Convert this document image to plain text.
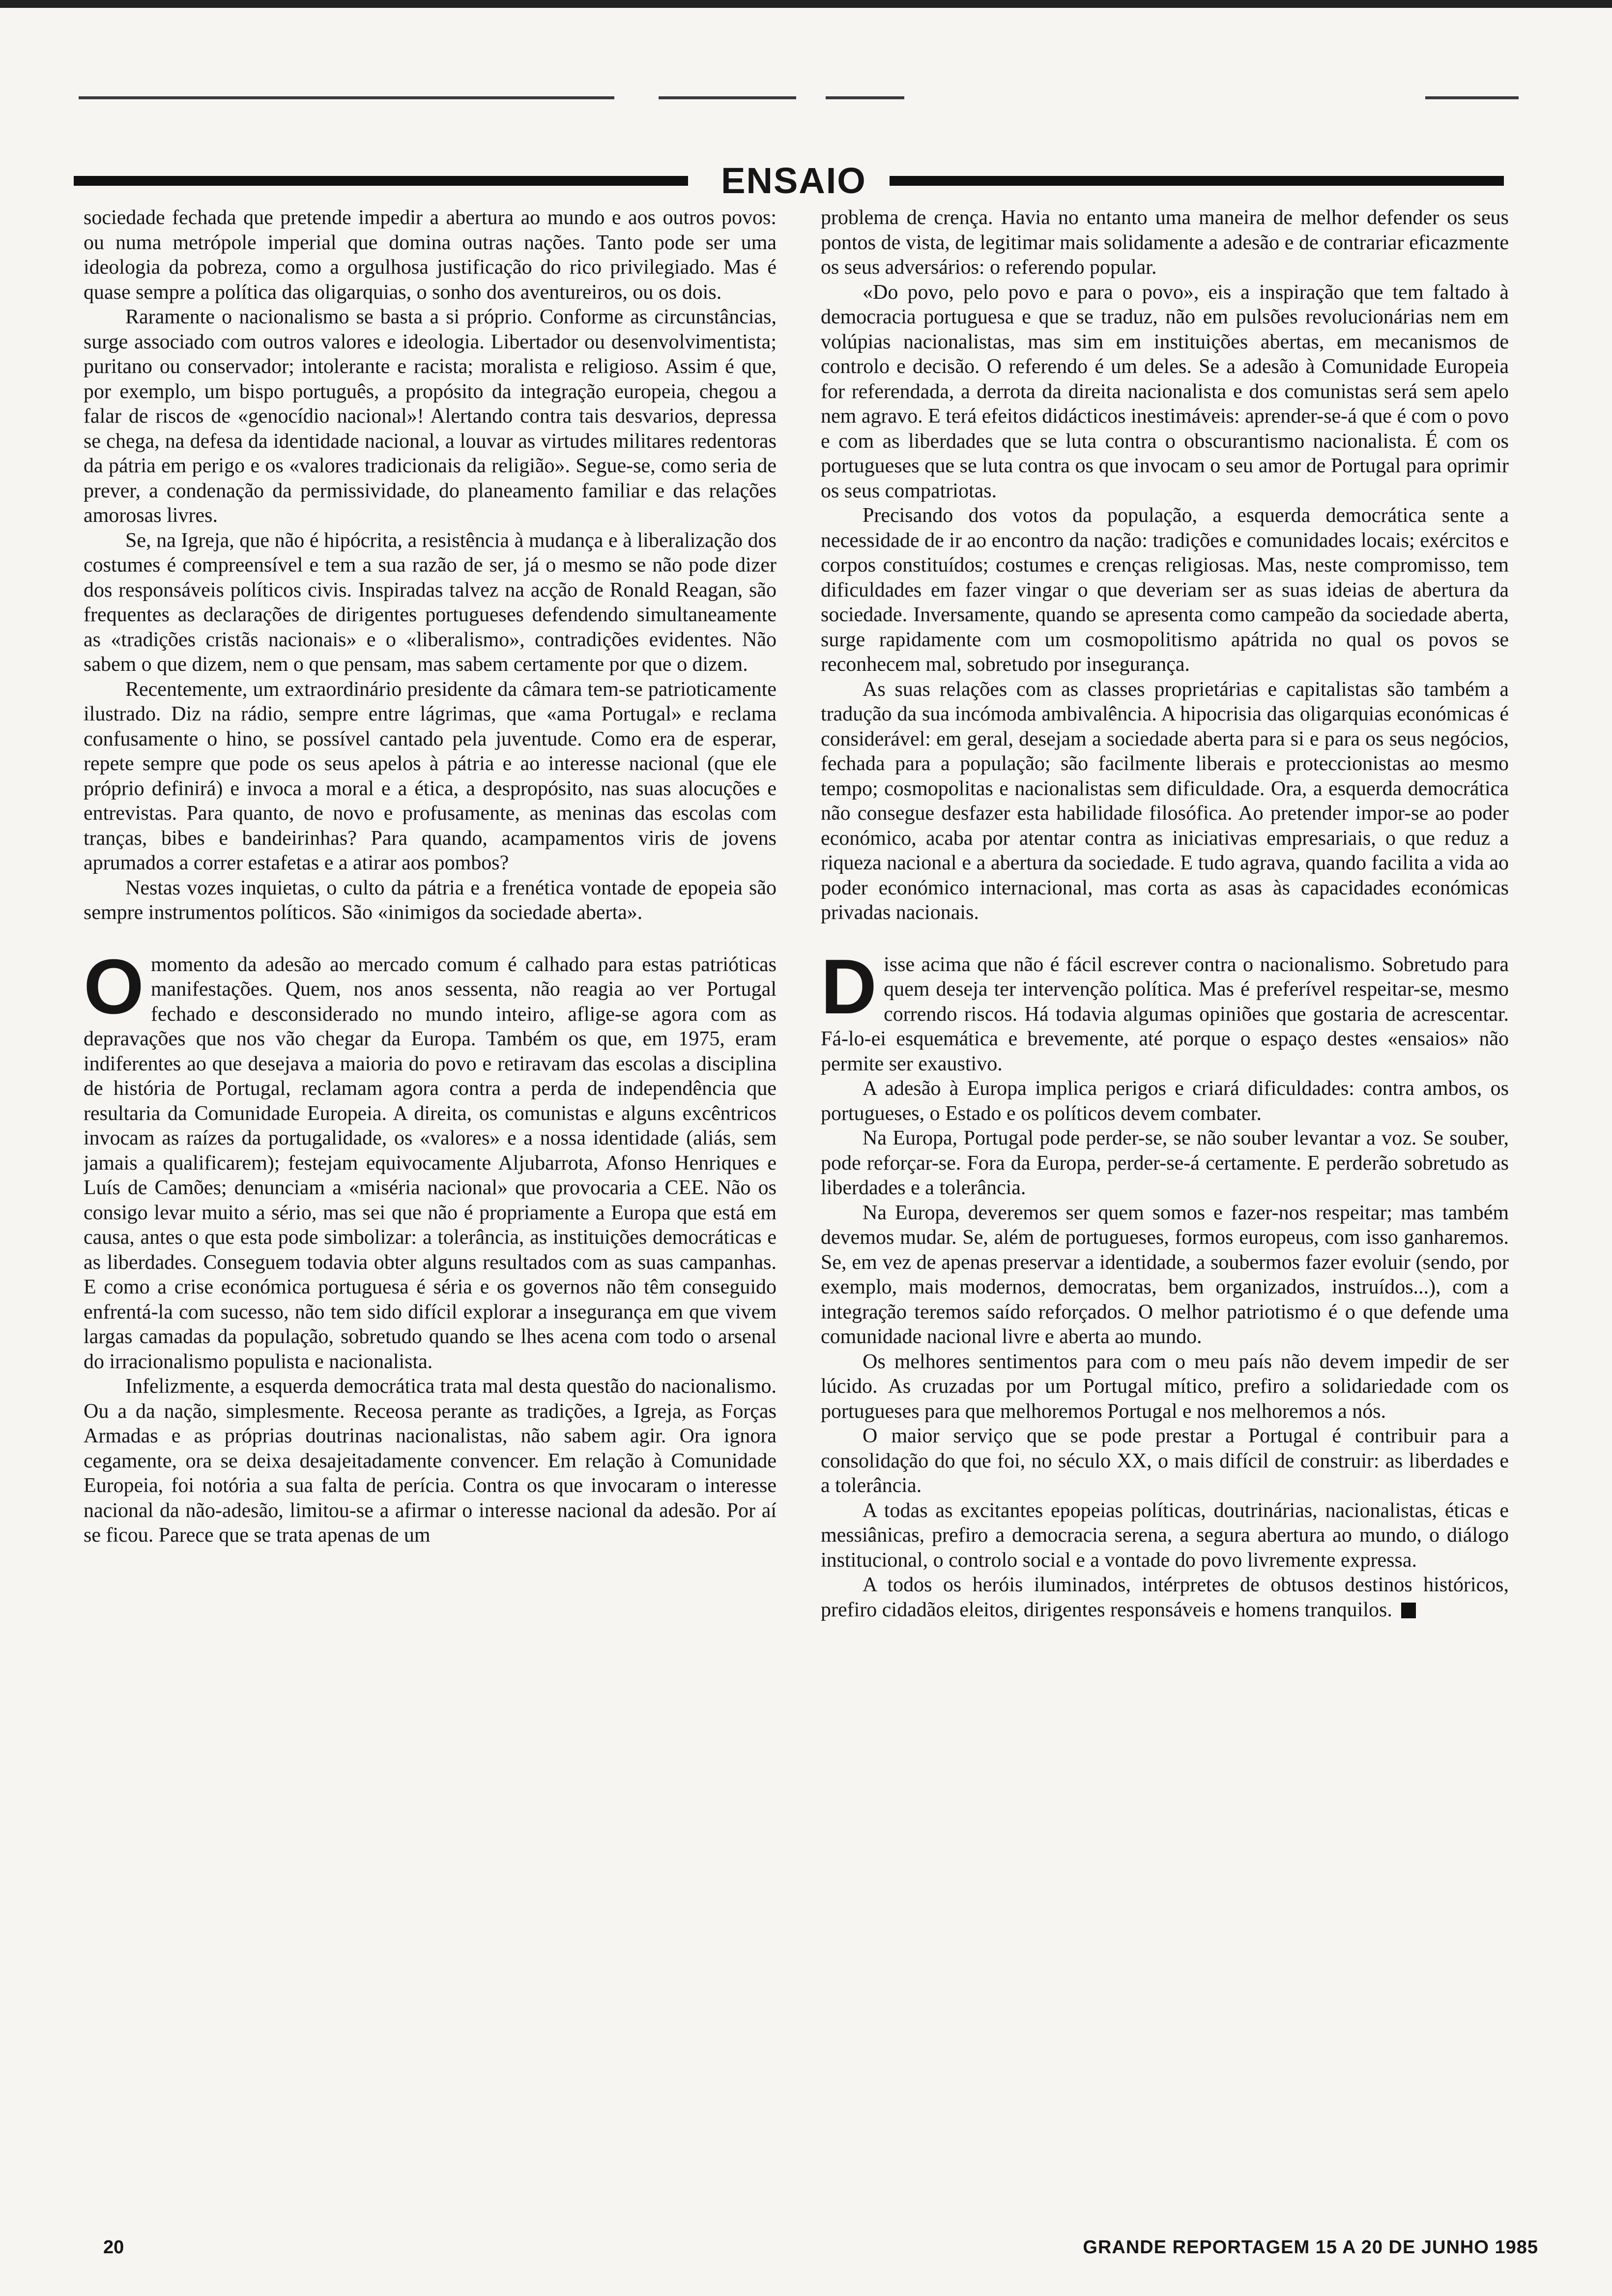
ENSAIO

sociedade fechada que pretende impedir a abertura ao mundo e aos outros povos: ou numa metrópole imperial que domina outras nações. Tanto pode ser uma ideologia da pobreza, como a orgulhosa justificação do rico privilegiado. Mas é quase sempre a política das oligarquias, o sonho dos aventureiros, ou os dois.

Raramente o nacionalismo se basta a si próprio. Conforme as circunstâncias, surge associado com outros valores e ideologia. Libertador ou desenvolvimentista; puritano ou conservador; intolerante e racista; moralista e religioso. Assim é que, por exemplo, um bispo português, a propósito da integração europeia, chegou a falar de riscos de «genocídio nacional»! Alertando contra tais desvarios, depressa se chega, na defesa da identidade nacional, a louvar as virtudes militares redentoras da pátria em perigo e os «valores tradicionais da religião». Segue-se, como seria de prever, a condenação da permissividade, do planeamento familiar e das relações amorosas livres.

Se, na Igreja, que não é hipócrita, a resistência à mudança e à liberalização dos costumes é compreensível e tem a sua razão de ser, já o mesmo se não pode dizer dos responsáveis políticos civis. Inspiradas talvez na acção de Ronald Reagan, são frequentes as declarações de dirigentes portugueses defendendo simultaneamente as «tradições cristãs nacionais» e o «liberalismo», contradições evidentes. Não sabem o que dizem, nem o que pensam, mas sabem certamente por que o dizem.

Recentemente, um extraordinário presidente da câmara tem-se patrioticamente ilustrado. Diz na rádio, sempre entre lágrimas, que «ama Portugal» e reclama confusamente o hino, se possível cantado pela juventude. Como era de esperar, repete sempre que pode os seus apelos à pátria e ao interesse nacional (que ele próprio definirá) e invoca a moral e a ética, a despropósito, nas suas alocuções e entrevistas. Para quanto, de novo e profusamente, as meninas das escolas com tranças, bibes e bandeirinhas? Para quando, acampamentos viris de jovens aprumados a correr estafetas e a atirar aos pombos?

Nestas vozes inquietas, o culto da pátria e a frenética vontade de epopeia são sempre instrumentos políticos. São «inimigos da sociedade aberta».

Omomento da adesão ao mercado comum é calhado para estas patrióticas manifestações. Quem, nos anos sessenta, não reagia ao ver Portugal fechado e desconsiderado no mundo inteiro, aflige-se agora com as depravações que nos vão chegar da Europa. Também os que, em 1975, eram indiferentes ao que desejava a maioria do povo e retiravam das escolas a disciplina de história de Portugal, reclamam agora contra a perda de independência que resultaria da Comunidade Europeia. A direita, os comunistas e alguns excêntricos invocam as raízes da portugalidade, os «valores» e a nossa identidade (aliás, sem jamais a qualificarem); festejam equivocamente Aljubarrota, Afonso Henriques e Luís de Camões; denunciam a «miséria nacional» que provocaria a CEE. Não os consigo levar muito a sério, mas sei que não é propriamente a Europa que está em causa, antes o que esta pode simbolizar: a tolerância, as instituições democráticas e as liberdades. Conseguem todavia obter alguns resultados com as suas campanhas. E como a crise económica portuguesa é séria e os governos não têm conseguido enfrentá-la com sucesso, não tem sido difícil explorar a insegurança em que vivem largas camadas da população, sobretudo quando se lhes acena com todo o arsenal do irracionalismo populista e nacionalista.

Infelizmente, a esquerda democrática trata mal desta questão do nacionalismo. Ou a da nação, simplesmente. Receosa perante as tradições, a Igreja, as Forças Armadas e as próprias doutrinas nacionalistas, não sabem agir. Ora ignora cegamente, ora se deixa desajeitadamente convencer. Em relação à Comunidade Europeia, foi notória a sua falta de perícia. Contra os que invocaram o interesse nacional da não-adesão, limitou-se a afirmar o interesse nacional da adesão. Por aí se ficou. Parece que se trata apenas de um

problema de crença. Havia no entanto uma maneira de melhor defender os seus pontos de vista, de legitimar mais solidamente a adesão e de contrariar eficazmente os seus adversários: o referendo popular.

«Do povo, pelo povo e para o povo», eis a inspiração que tem faltado à democracia portuguesa e que se traduz, não em pulsões revolucionárias nem em volúpias nacionalistas, mas sim em instituições abertas, em mecanismos de controlo e decisão. O referendo é um deles. Se a adesão à Comunidade Europeia for referendada, a derrota da direita nacionalista e dos comunistas será sem apelo nem agravo. E terá efeitos didácticos inestimáveis: aprender-se-á que é com o povo e com as liberdades que se luta contra o obscurantismo nacionalista. É com os portugueses que se luta contra os que invocam o seu amor de Portugal para oprimir os seus compatriotas.

Precisando dos votos da população, a esquerda democrática sente a necessidade de ir ao encontro da nação: tradições e comunidades locais; exércitos e corpos constituídos; costumes e crenças religiosas. Mas, neste compromisso, tem dificuldades em fazer vingar o que deveriam ser as suas ideias de abertura da sociedade. Inversamente, quando se apresenta como campeão da sociedade aberta, surge rapidamente com um cosmopolitismo apátrida no qual os povos se reconhecem mal, sobretudo por insegurança.

As suas relações com as classes proprietárias e capitalistas são também a tradução da sua incómoda ambivalência. A hipocrisia das oligarquias económicas é considerável: em geral, desejam a sociedade aberta para si e para os seus negócios, fechada para a população; são facilmente liberais e proteccionistas ao mesmo tempo; cosmopolitas e nacionalistas sem dificuldade. Ora, a esquerda democrática não consegue desfazer esta habilidade filosófica. Ao pretender impor-se ao poder económico, acaba por atentar contra as iniciativas empresariais, o que reduz a riqueza nacional e a abertura da sociedade. E tudo agrava, quando facilita a vida ao poder económico internacional, mas corta as asas às capacidades económicas privadas nacionais.

Disse acima que não é fácil escrever contra o nacionalismo. Sobretudo para quem deseja ter intervenção política. Mas é preferível respeitar-se, mesmo correndo riscos. Há todavia algumas opiniões que gostaria de acrescentar. Fá-lo-ei esquemática e brevemente, até porque o espaço destes «ensaios» não permite ser exaustivo.

A adesão à Europa implica perigos e criará dificuldades: contra ambos, os portugueses, o Estado e os políticos devem combater.

Na Europa, Portugal pode perder-se, se não souber levantar a voz. Se souber, pode reforçar-se. Fora da Europa, perder-se-á certamente. E perderão sobretudo as liberdades e a tolerância.

Na Europa, deveremos ser quem somos e fazer-nos respeitar; mas também devemos mudar. Se, além de portugueses, formos europeus, com isso ganharemos. Se, em vez de apenas preservar a identidade, a soubermos fazer evoluir (sendo, por exemplo, mais modernos, democratas, bem organizados, instruídos...), com a integração teremos saído reforçados. O melhor patriotismo é o que defende uma comunidade nacional livre e aberta ao mundo.

Os melhores sentimentos para com o meu país não devem impedir de ser lúcido. As cruzadas por um Portugal mítico, prefiro a solidariedade com os portugueses para que melhoremos Portugal e nos melhoremos a nós.

O maior serviço que se pode prestar a Portugal é contribuir para a consolidação do que foi, no século XX, o mais difícil de construir: as liberdades e a tolerância.

A todas as excitantes epopeias políticas, doutrinárias, nacionalistas, éticas e messiânicas, prefiro a democracia serena, a segura abertura ao mundo, o diálogo institucional, o controlo social e a vontade do povo livremente expressa.

A todos os heróis iluminados, intérpretes de obtusos destinos históricos, prefiro cidadãos eleitos, dirigentes responsáveis e homens tranquilos.

20	GRANDE REPORTAGEM 15 A 20 DE JUNHO 1985
